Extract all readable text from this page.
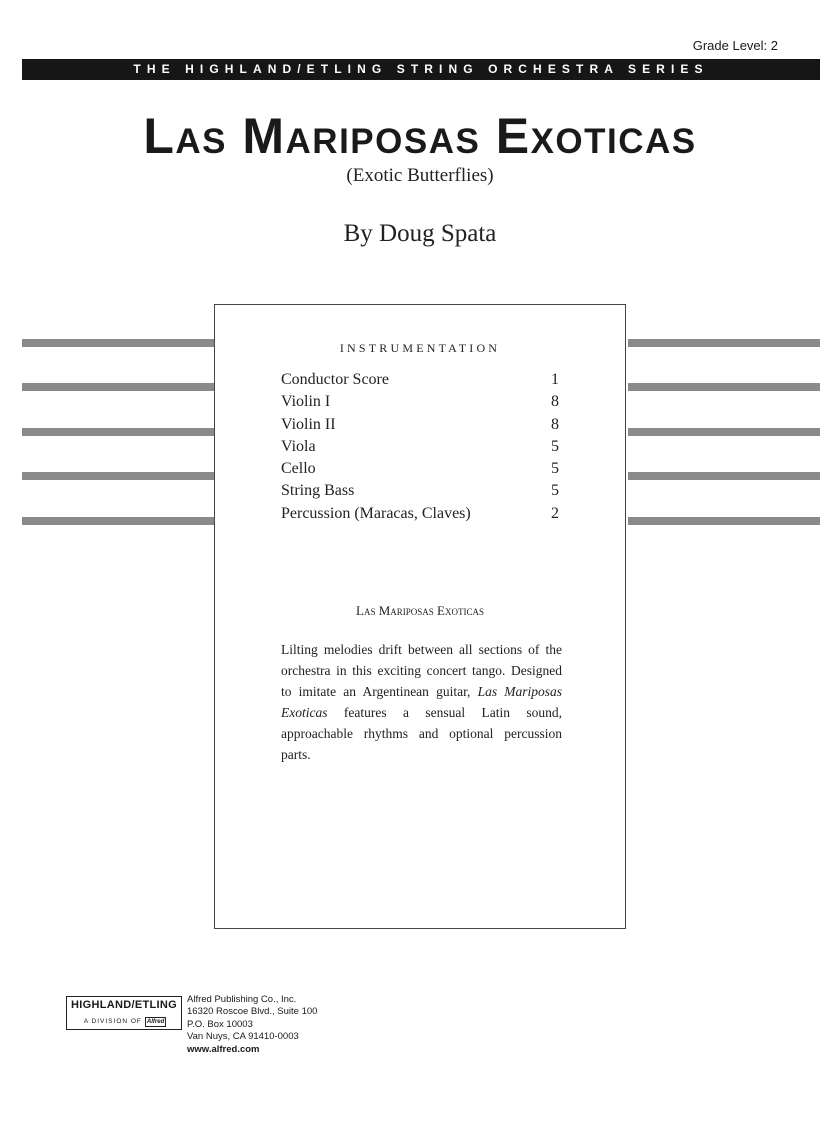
Grade Level: 2
THE HIGHLAND/ETLING STRING ORCHESTRA SERIES
Las Mariposas Exoticas
(Exotic Butterflies)
By Doug Spata
INSTRUMENTATION
Conductor Score	1
Violin I	8
Violin II	8
Viola	5
Cello	5
String Bass	5
Percussion (Maracas, Claves)	2
Las Mariposas Exoticas

Lilting melodies drift between all sections of the orchestra in this exciting concert tango. Designed to imitate an Argentinean guitar, Las Mariposas Exoticas features a sensual Latin sound, approachable rhythms and optional percussion parts.

HIGHLAND/ETLING
A DIVISION OF Alfred
Alfred Publishing Co., Inc.
16320 Roscoe Blvd., Suite 100
P.O. Box 10003
Van Nuys, CA 91410-0003
www.alfred.com
